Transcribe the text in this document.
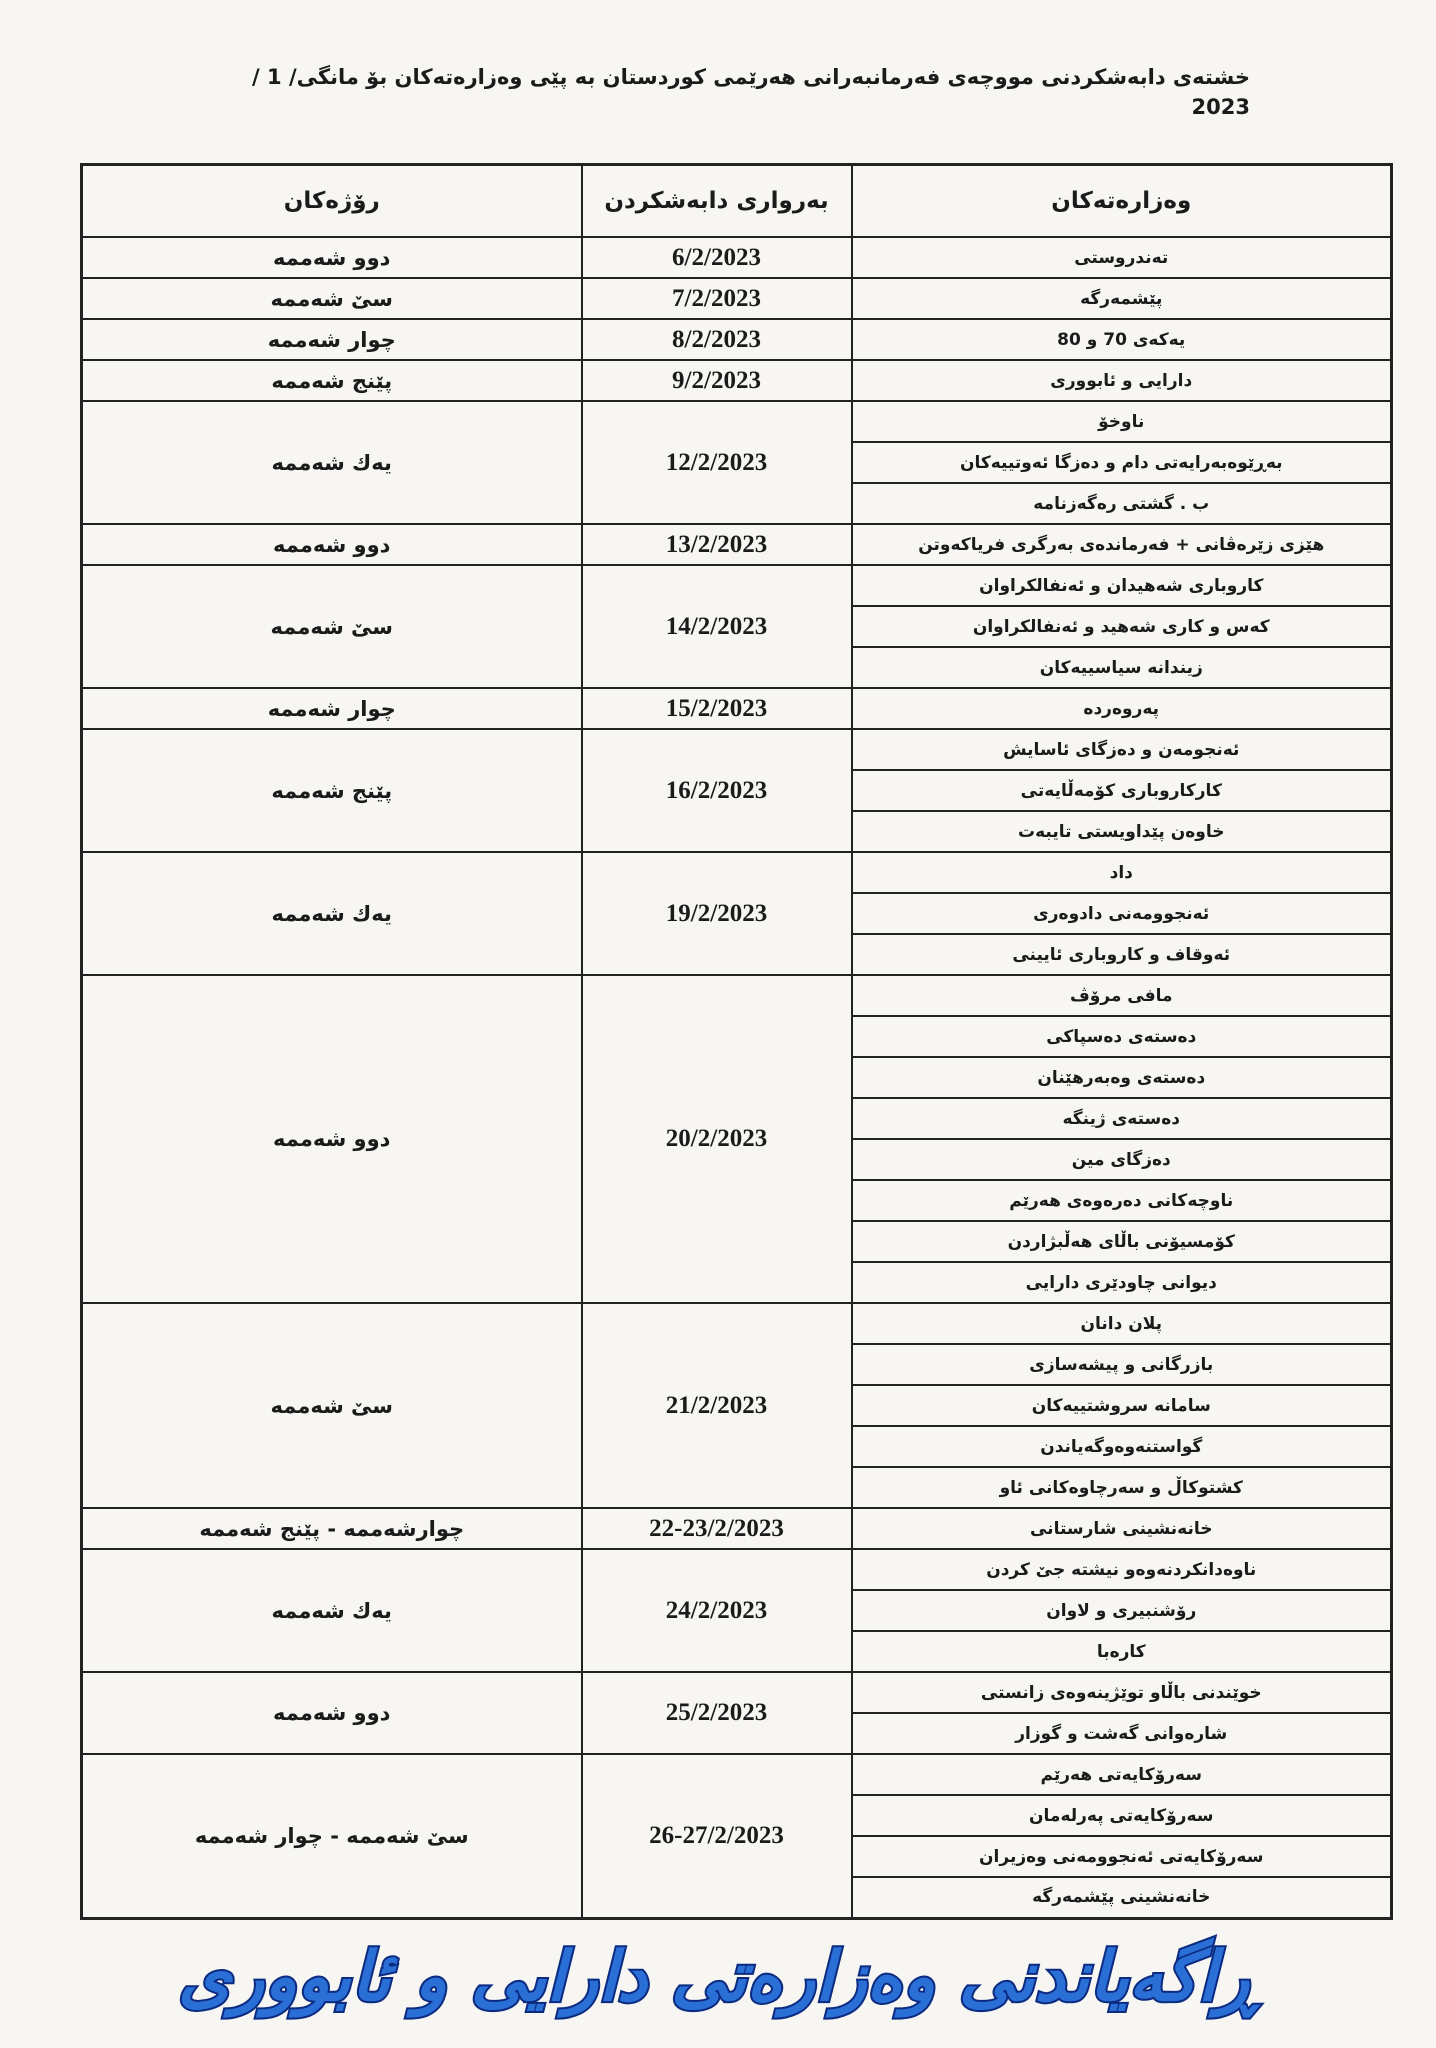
خشتەی دابەشکردنی مووچەی فەرمانبەرانی هەرێمی کوردستان بە پێی وەزارەتەکان بۆ مانگی/ 1 / 2023
وەزارەتەکان	بەرواری دابەشکردن	رۆژەکان
تەندروستی	6/2/2023	دوو شەممە
پێشمەرگە	7/2/2023	سێ شەممە
یەکەی 70 و 80	8/2/2023	چوار شەممە
دارایی و ئابووری	9/2/2023	پێنج شەممە
ناوخۆ	12/2/2023	یەك شەممە
بەڕێوەبەرایەتی دام و دەزگا ئەوتییەکان		
ب . گشتی رەگەزنامە		
هێزی زێرەڤانی + فەرماندەی بەرگری فریاکەوتن	13/2/2023	دوو شەممە
کاروباری شەهیدان و ئەنفالکراوان	14/2/2023	سێ شەممە
کەس و کاری شەهید و ئەنفالکراوان		
زیندانە سیاسییەکان		
پەروەردە	15/2/2023	چوار شەممە
ئەنجومەن و دەزگای ئاسایش	16/2/2023	پێنج شەممە
کارکاروباری کۆمەڵایەتی		
خاوەن پێداویستی تایبەت		
داد	19/2/2023	یەك شەممە
ئەنجوومەنی دادوەری		
ئەوقاف و کاروباری ئایینی		
مافی مرۆڤ	20/2/2023	دوو شەممە
دەستەی دەسپاکی		
دەستەی وەبەرهێنان		
دەستەی ژینگە		
دەزگای مین		
ناوچەکانی دەرەوەی هەرێم		
کۆمسیۆنی باڵای هەڵبژاردن		
دیوانی چاودێری دارایی		
پلان دانان	21/2/2023	سێ شەممە
بازرگانی و پیشەسازی		
سامانە سروشتییەکان		
گواستنەوەوگەیاندن		
کشتوکاڵ و سەرچاوەکانی ئاو		
خانەنشینی شارستانی	22-23/2/2023	چوارشەممە - پێنج شەممە
ناوەدانکردنەوەو نیشتە جێ کردن	24/2/2023	یەك شەممە
رۆشنبیری و لاوان		
کارەبا		
خوێندنی باڵاو توێژینەوەی زانستی	25/2/2023	دوو شەممە
شارەوانی گەشت و گوزار		
سەرۆکایەتی هەرێم	26-27/2/2023	سێ شەممە - چوار شەممە
سەرۆکایەتی پەرلەمان		
سەرۆکایەتی ئەنجوومەنی وەزیران		
خانەنشینی پێشمەرگە		
ڕاگەیاندنی وەزارەتی دارایی و ئابووری
